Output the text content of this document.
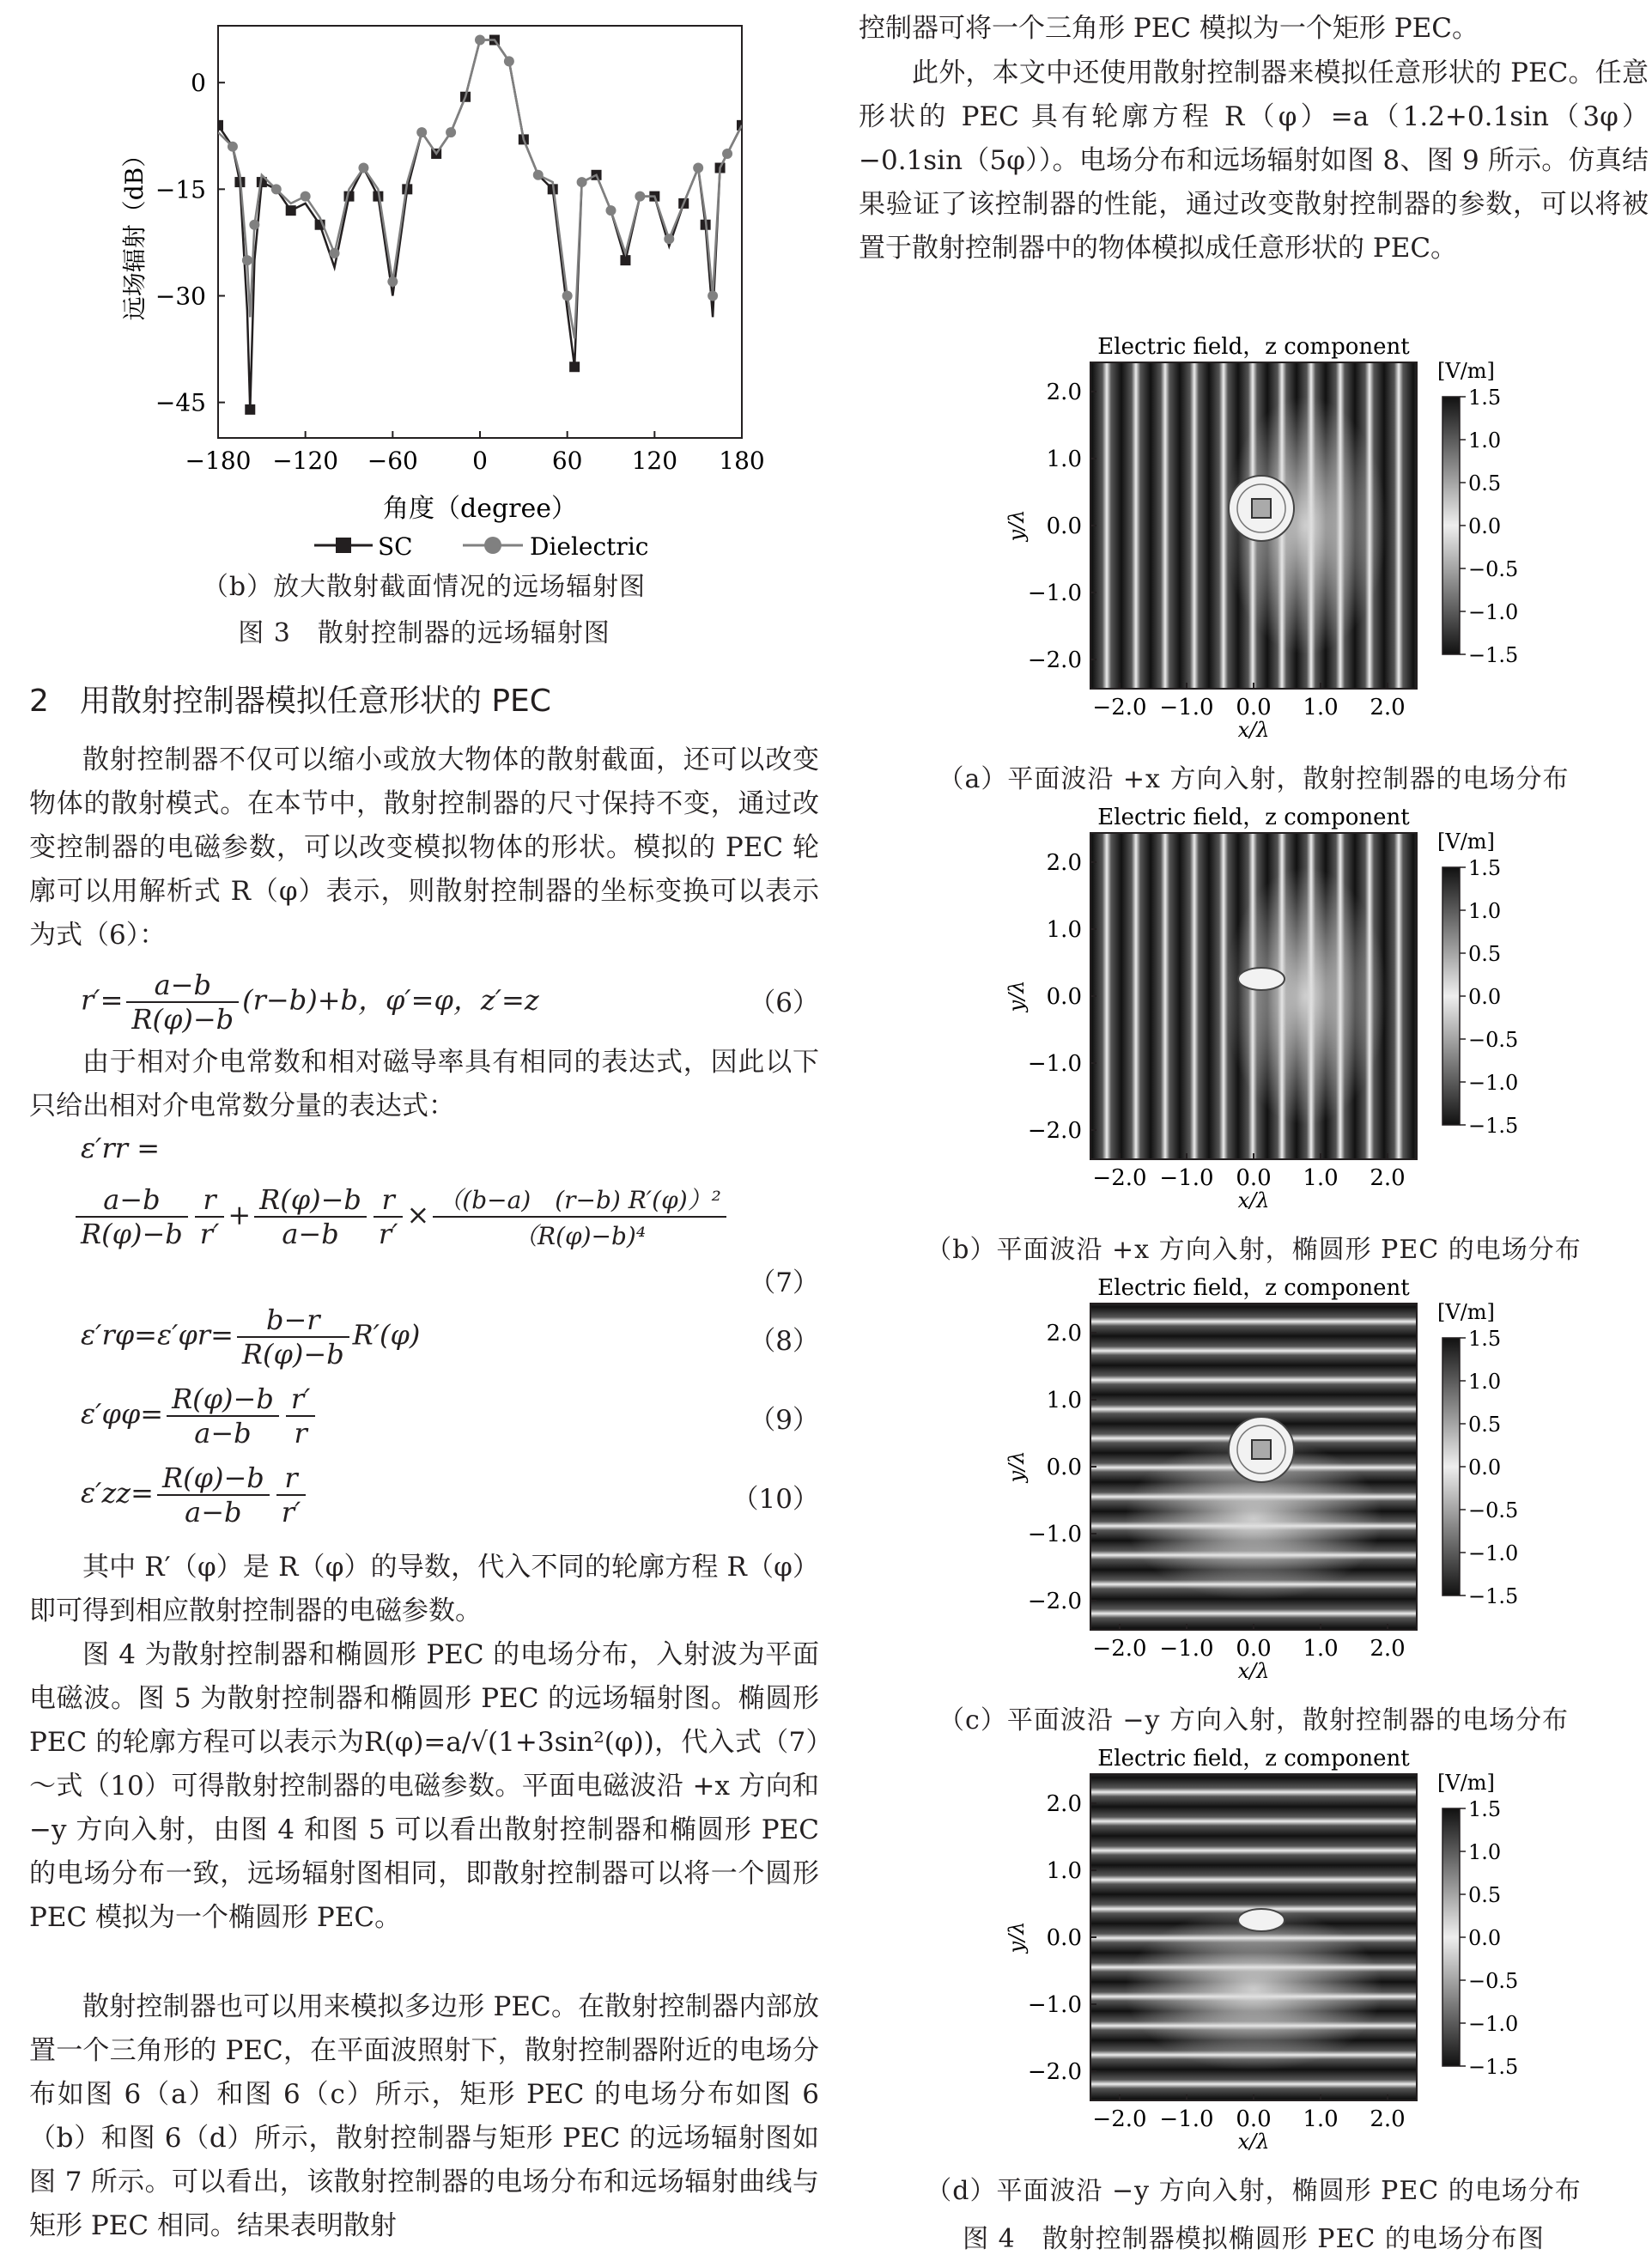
0
−15
−30
−45
−180 −120 −60 0	60 120 180
角度（degree）
远场辐射（dB）
SC	Dielectric
（b）放大散射截面情况的远场辐射图
图 3　散射控制器的远场辐射图
2　用散射控制器模拟任意形状的 PEC

散射控制器不仅可以缩小或放大物体的散射截面，还可以改变物体的散射模式。在本节中，散射控制器的尺寸保持不变，通过改变控制器的电磁参数，可以改变模拟物体的形状。模拟的 PEC 轮廓可以用解析式 R（φ）表示，则散射控制器的坐标变换可以表示为式（6）：

$r'= \frac{a-b}{R(\varphi)-b} (r-b)+b$，φ′=φ，z′=z	（6）

由于相对介电常数和相对磁导率具有相同的表达式，因此以下只给出相对介电常数分量的表达式：

ε′rr =
$\frac{a-b}{R(\varphi)-b} \frac{r}{r'} + \frac{R(\varphi)-b}{a-b} \frac{r}{r'} \times \frac{\text{（(b−a)　(r−b) R′(φ)）²}}{\text{（R(φ)−b)⁴}}$
（7）
$\varepsilon'r\varphi=\varepsilon'\varphi r= \frac{b-r}{R(\varphi)-b} R'(\varphi)$	（8）
$\varepsilon'\varphi\varphi= \frac{R(\varphi)-b}{a-b} \frac{r'}{r}$	（9）
$\varepsilon'zz= \frac{R(\varphi)-b}{a-b} \frac{r}{r'}$	（10）

其中 R′（φ）是 R（φ）的导数，代入不同的轮廓方程 R（φ）即可得到相应散射控制器的电磁参数。

图 4 为散射控制器和椭圆形 PEC 的电场分布，入射波为平面电磁波。图 5 为散射控制器和椭圆形 PEC 的远场辐射图。椭圆形 PEC 的轮廓方程可以表示为R(φ)=a/√(1+3sin²(φ))，代入式（7）～式（10）可得散射控制器的电磁参数。平面电磁波沿 +x 方向和 −y 方向入射，由图 4 和图 5 可以看出散射控制器和椭圆形 PEC 的电场分布一致，远场辐射图相同，即散射控制器可以将一个圆形 PEC 模拟为一个椭圆形 PEC。

散射控制器也可以用来模拟多边形 PEC。在散射控制器内部放置一个三角形的 PEC，在平面波照射下，散射控制器附近的电场分布如图 6（a）和图 6（c）所示，矩形 PEC 的电场分布如图 6（b）和图 6（d）所示，散射控制器与矩形 PEC 的远场辐射图如图 7 所示。可以看出，该散射控制器的电场分布和远场辐射曲线与矩形 PEC 相同。结果表明散射

控制器可将一个三角形 PEC 模拟为一个矩形 PEC。

此外，本文中还使用散射控制器来模拟任意形状的 PEC。任意形状的 PEC 具有轮廓方程 R（φ）=a（1.2+0.1sin（3φ）−0.1sin（5φ））。电场分布和远场辐射如图 8、图 9 所示。仿真结果验证了该控制器的性能，通过改变散射控制器的参数，可以将被置于散射控制器中的物体模拟成任意形状的 PEC。

Electric field，z component
2.0
1.0
0.0
−1.0
−2.0
−2.0 −1.0 0.0 1.0 2.0
x/λ
y/λ
[V/m]
1.5
1.0
0.5
0.0
−0.5
−1.0
−1.5
（a）平面波沿 +x 方向入射，散射控制器的电场分布
Electric field，z component
2.0
1.0
0.0
−1.0
−2.0
−2.0 −1.0 0.0 1.0 2.0
x/λ
y/λ
[V/m]
1.5
1.0
0.5
0.0
−0.5
−1.0
−1.5
（b）平面波沿 +x 方向入射，椭圆形 PEC 的电场分布
Electric field，z component
2.0
1.0
0.0
−1.0
−2.0
−2.0 −1.0 0.0 1.0 2.0
x/λ
y/λ
[V/m]
1.5
1.0
0.5
0.0
−0.5
−1.0
−1.5
（c）平面波沿 −y 方向入射，散射控制器的电场分布
Electric field，z component
2.0
1.0
0.0
−1.0
−2.0
−2.0 −1.0 0.0 1.0 2.0
x/λ
y/λ
[V/m]
1.5
1.0
0.5
0.0
−0.5
−1.0
−1.5
（d）平面波沿 −y 方向入射，椭圆形 PEC 的电场分布
图 4　散射控制器模拟椭圆形 PEC 的电场分布图
